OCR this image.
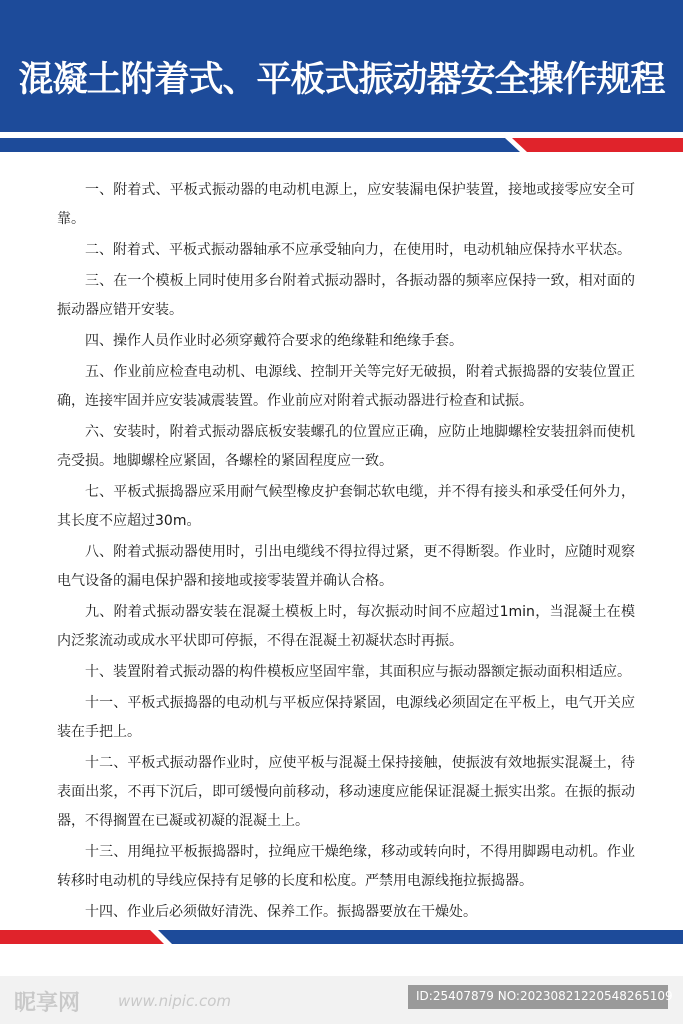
混凝土附着式、平板式振动器安全操作规程

一、附着式、平板式振动器的电动机电源上，应安装漏电保护装置，接地或接零应安全可靠。

二、附着式、平板式振动器轴承不应承受轴向力，在使用时，电动机轴应保持水平状态。

三、在一个模板上同时使用多台附着式振动器时，各振动器的频率应保持一致，相对面的振动器应错开安装。

四、操作人员作业时必须穿戴符合要求的绝缘鞋和绝缘手套。

五、作业前应检查电动机、电源线、控制开关等完好无破损，附着式振捣器的安装位置正确，连接牢固并应安装减震装置。作业前应对附着式振动器进行检查和试振。

六、安装时，附着式振动器底板安装螺孔的位置应正确，应防止地脚螺栓安装扭斜而使机壳受损。地脚螺栓应紧固，各螺栓的紧固程度应一致。

七、平板式振捣器应采用耐气候型橡皮护套铜芯软电缆，并不得有接头和承受任何外力，其长度不应超过30m。

八、附着式振动器使用时，引出电缆线不得拉得过紧，更不得断裂。作业时，应随时观察电气设备的漏电保护器和接地或接零装置并确认合格。

九、附着式振动器安装在混凝土模板上时，每次振动时间不应超过1min，当混凝土在模内泛浆流动或成水平状即可停振，不得在混凝土初凝状态时再振。

十、装置附着式振动器的构件模板应坚固牢靠，其面积应与振动器额定振动面积相适应。

十一、平板式振捣器的电动机与平板应保持紧固，电源线必须固定在平板上，电气开关应装在手把上。

十二、平板式振动器作业时，应使平板与混凝土保持接触，使振波有效地振实混凝土，待表面出浆，不再下沉后，即可缓慢向前移动，移动速度应能保证混凝土振实出浆。在振的振动器，不得搁置在已凝或初凝的混凝土上。

十三、用绳拉平板振捣器时，拉绳应干燥绝缘，移动或转向时，不得用脚踢电动机。作业转移时电动机的导线应保持有足够的长度和松度。严禁用电源线拖拉振捣器。

十四、作业后必须做好清洗、保养工作。振捣器要放在干燥处。

昵享网	www.nipic.com	ID:25407879 NO:20230821220548265109
